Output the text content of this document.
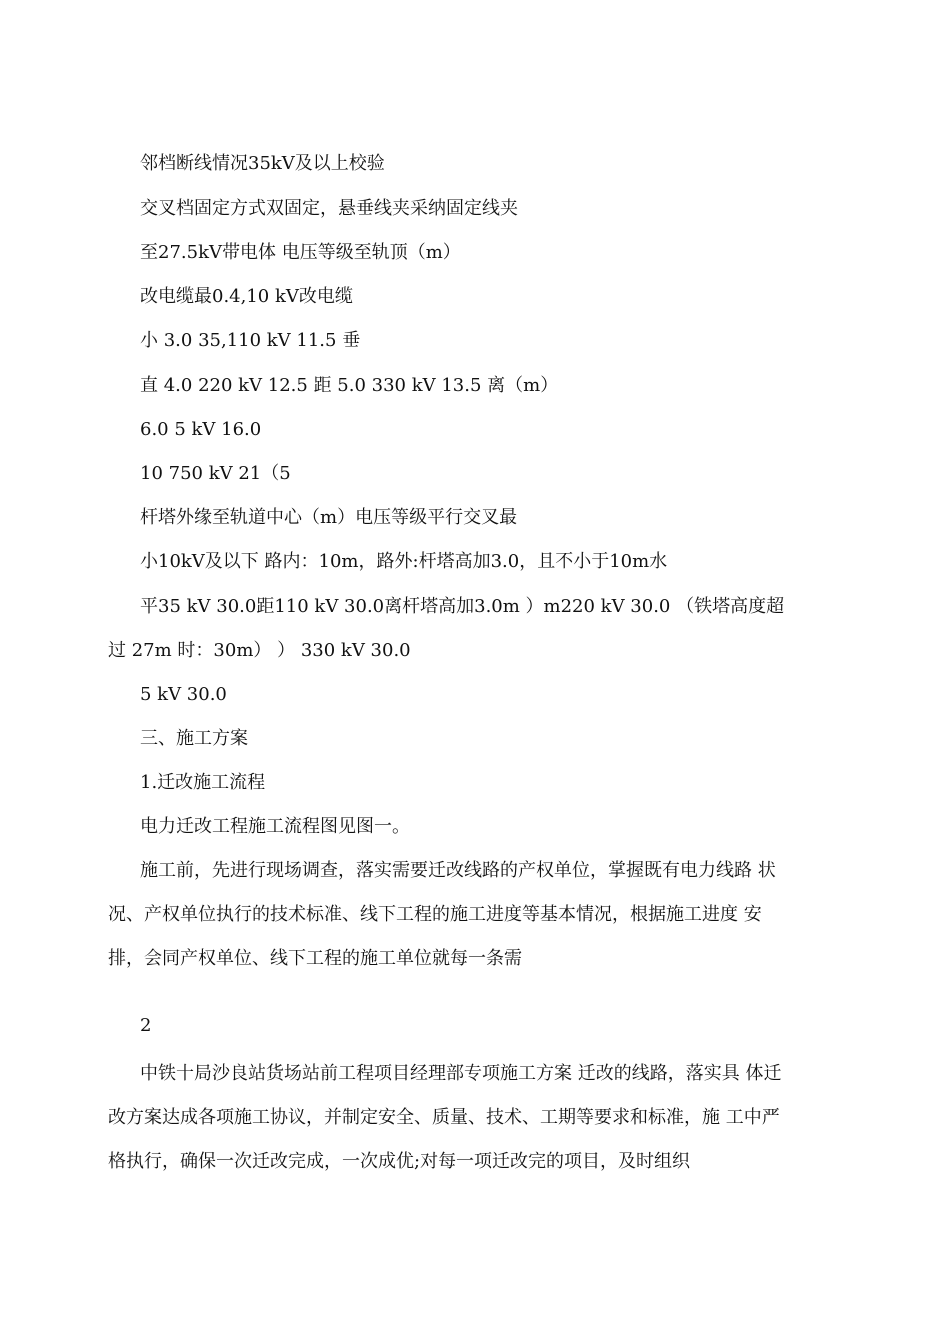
邻档断线情况35kV及以上校验
交叉档固定方式双固定，悬垂线夹采纳固定线夹
至27.5kV带电体 电压等级至轨顶（m）
改电缆最0.4,10 kV改电缆
小 3.0 35,110 kV 11.5 垂
直 4.0 220 kV 12.5 距 5.0 330 kV 13.5 离（m）
6.0 5 kV 16.0
10 750 kV 21（5
杆塔外缘至轨道中心（m）电压等级平行交叉最
小10kV及以下 路内：10m，路外:杆塔高加3.0，且不小于10m水
平35 kV 30.0距110 kV 30.0离杆塔高加3.0m ）m220 kV 30.0 （铁塔高度超
过 27m 时：30m） ） 330 kV 30.0
5 kV 30.0
三、施工方案
1.迁改施工流程
电力迁改工程施工流程图见图一。
施工前，先进行现场调查，落实需要迁改线路的产权单位，掌握既有电力线路 状
况、产权单位执行的技术标准、线下工程的施工进度等基本情况，根据施工进度 安
排，会同产权单位、线下工程的施工单位就每一条需
2
中铁十局沙良站货场站前工程项目经理部专项施工方案 迁改的线路，落实具 体迁
改方案达成各项施工协议，并制定安全、质量、技术、工期等要求和标准，施 工中严
格执行，确保一次迁改完成，一次成优;对每一项迁改完的项目，及时组织
